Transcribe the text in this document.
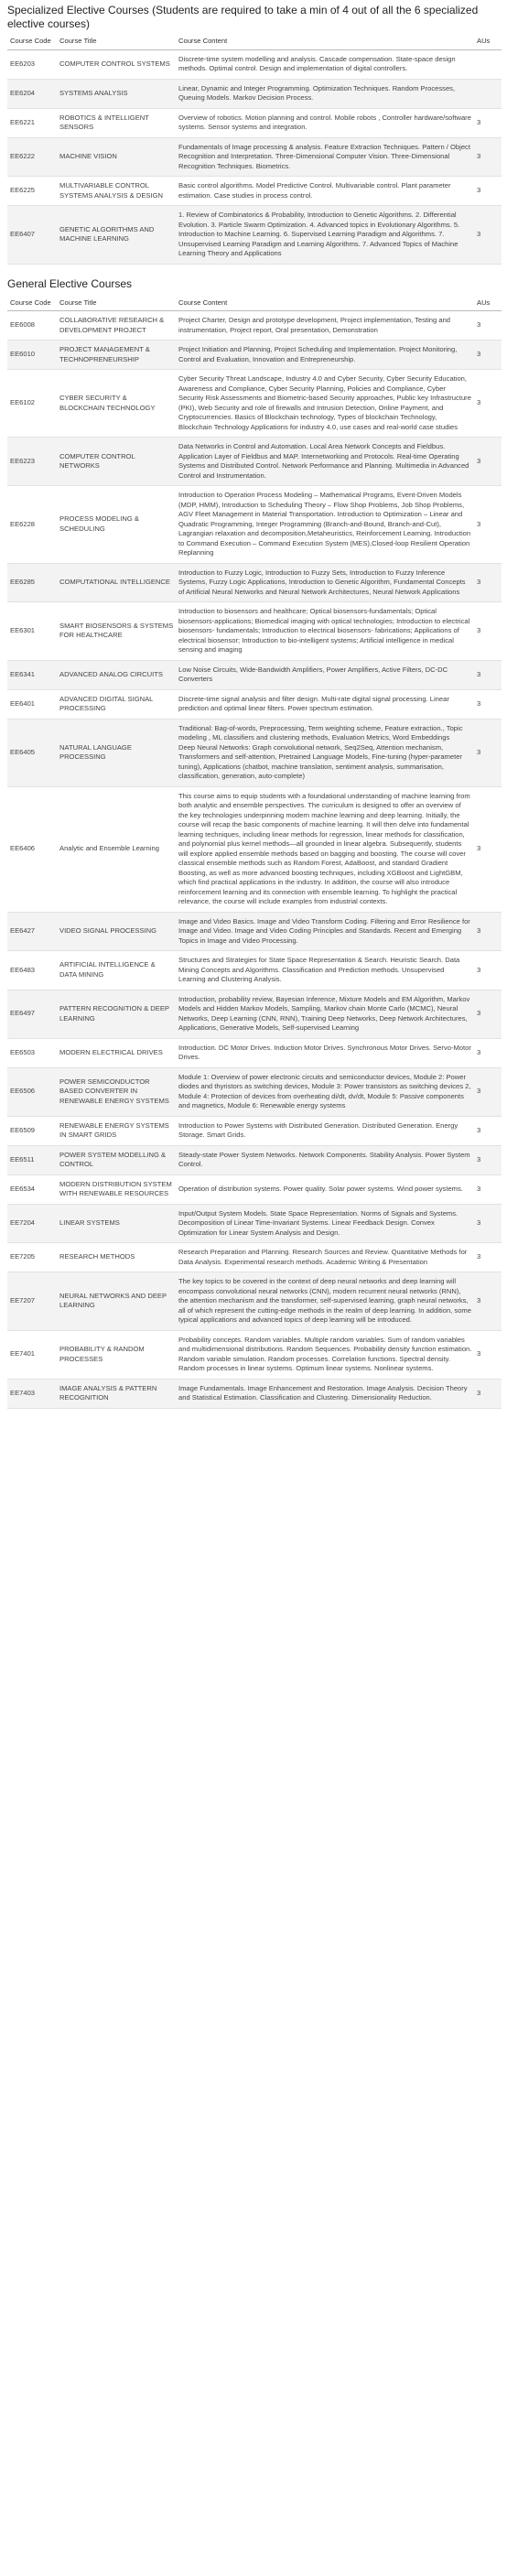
Specialized Elective Courses (Students are required to take a min of 4 out of all the 6 specialized elective courses)
Course Code	Course Title	Course Content	AUs
EE6203	COMPUTER CONTROL SYSTEMS	Discrete-time system modelling and analysis. Cascade compensation. State-space design methods. Optimal control. Design and implementation of digital controllers.	
EE6204	SYSTEMS ANALYSIS	Linear, Dynamic and Integer Programming. Optimization Techniques. Random Processes, Queuing Models. Markov Decision Process.	
EE6221	ROBOTICS & INTELLIGENT SENSORS	Overview of robotics. Motion planning and control. Mobile robots , Controller hardware/software systems. Sensor systems and integration.	3
EE6222	MACHINE VISION	Fundamentals of Image processing & analysis. Feature Extraction Techniques. Pattern / Object Recognition and Interpretation. Three-Dimensional Computer Vision. Three-Dimensional Recognition Techniques. Biometrics.	3
EE6225	MULTIVARIABLE CONTROL SYSTEMS ANALYSIS & DESIGN	Basic control algorithms. Model Predictive Control. Multivariable control. Plant parameter estimation. Case studies in process control.	3
EE6407	GENETIC ALGORITHMS AND MACHINE LEARNING	1. Review of Combinatorics & Probability, Introduction to Genetic Algorithms. 2. Differential Evolution. 3. Particle Swarm Optimization. 4. Advanced topics in Evolutionary Algorithms. 5. Introduction to Machine Learning. 6. Supervised Learning Paradigm and Algorithms. 7. Unsupervised Learning Paradigm and Learning Algorithms. 7. Advanced Topics of Machine Learning Theory and Applications	3
General Elective Courses
Course Code	Course Title	Course Content	AUs
EE6008	COLLABORATIVE RESEARCH & DEVELOPMENT PROJECT	Project Charter, Design and prototype development, Project implementation, Testing and instrumentation, Project report, Oral presentation, Demonstration	3
EE6010	PROJECT MANAGEMENT & TECHNOPRENEURSHIP	Project Initiation and Planning, Project Scheduling and Implementation. Project Monitoring, Control and Evaluation, Innovation and Entrepreneurship.	3
EE6102	CYBER SECURITY & BLOCKCHAIN TECHNOLOGY	Cyber Security Threat Landscape, Industry 4.0 and Cyber Security, Cyber Security Education, Awareness and Compliance, Cyber Security Planning, Policies and Compliance, Cyber Security Risk Assessments and Biometric-based Security approaches, Public key Infrastructure (PKI), Web Security and role of firewalls and Intrusion Detection, Online Payment, and Cryptocurrencies. Basics of Blockchain technology, Types of blockchain Technology, Blockchain Technology Applications for industry 4.0, use cases and real-world case studies	3
EE6223	COMPUTER CONTROL NETWORKS	Data Networks in Control and Automation. Local Area Network Concepts and Fieldbus. Application Layer of Fieldbus and MAP. Internetworking and Protocols. Real-time Operating Systems and Distributed Control. Network Performance and Planning. Multimedia in Advanced Control and Instrumentation.	3
EE6228	PROCESS MODELING & SCHEDULING	Introduction to Operation Process Modeling – Mathematical Programs, Event-Driven Models (MDP, HMM), Introduction to Scheduling Theory – Flow Shop Problems, Job Shop Problems, AGV Fleet Management in Material Transportation. Introduction to Optimization – Linear and Quadratic Programming, Integer Programming (Branch-and-Bound, Branch-and-Cut), Lagrangian relaxation and decomposition,Metaheuristics, Reinforcement Learning. Introduction to Command Execution – Command Execution System (MES),Closed-loop Resilient Operation Replanning	3
EE6285	COMPUTATIONAL INTELLIGENCE	Introduction to Fuzzy Logic, Introduction to Fuzzy Sets, Introduction to Fuzzy Inference Systems, Fuzzy Logic Applications, Introduction to Genetic Algorithm, Fundamental Concepts of Artificial Neural Networks and Neural Network Architectures, Neural Network Applications	3
EE6301	SMART BIOSENSORS & SYSTEMS FOR HEALTHCARE	Introduction to biosensors and healthcare; Optical biosensors-fundamentals; Optical biosensors-applications; Biomedical imaging with optical technologies; Introduction to electrical biosensors- fundamentals; Introduction to electrical biosensors- fabrications; Applications of electrical biosensor; Introduction to bio-intelligent systems; Artificial intelligence in medical sensing and imaging	3
EE6341	ADVANCED ANALOG CIRCUITS	Low Noise Circuits, Wide-Bandwidth Amplifiers, Power Amplifiers, Active Filters, DC-DC Converters	3
EE6401	ADVANCED DIGITAL SIGNAL PROCESSING	Discrete-time signal analysis and filter design. Multi-rate digital signal processing. Linear prediction and optimal linear filters. Power spectrum estimation.	3
EE6405	NATURAL LANGUAGE PROCESSING	Traditional: Bag-of-words, Preprocessing, Term weighting scheme, Feature extraction., Topic modeling , ML classifiers and clustering methods, Evaluation Metrics, Word Embeddings
Deep Neural Networks: Graph convolutional network, Seq2Seq, Attention mechanism, Transformers and self-attention, Pretrained Language Models, Fine-tuning (hyper-parameter tuning), Applications (chatbot, machine translation, sentiment analysis, summarisation, classification, generation, auto-complete)	3
EE6406	Analytic and Ensemble Learning	This course aims to equip students with a foundational understanding of machine learning from both analytic and ensemble perspectives. The curriculum is designed to offer an overview of the key technologies underpinning modern machine learning and deep learning. Initially, the course will recap the basic components of machine learning. It will then delve into fundamental learning techniques, including linear methods for regression, linear methods for classification, and polynomial plus kernel methods—all grounded in linear algebra. Subsequently, students will explore applied ensemble methods based on bagging and boosting. The course will cover classical ensemble methods such as Random Forest, AdaBoost, and standard Gradient Boosting, as well as more advanced boosting techniques, including XGBoost and LightGBM, which find practical applications in the industry. In addition, the course will also introduce reinforcement learning and its connection with ensemble learning. To highlight the practical relevance, the course will include examples from industrial contexts.	3
EE6427	VIDEO SIGNAL PROCESSING	Image and Video Basics. Image and Video Transform Coding. Filtering and Error Resilience for Image and Video. Image and Video Coding Principles and Standards. Recent and Emerging Topics in Image and Video Processing.	3
EE6483	ARTIFICIAL INTELLIGENCE & DATA MINING	Structures and Strategies for State Space Representation & Search. Heuristic Search. Data Mining Concepts and Algorithms. Classification and Prediction methods. Unsupervised Learning and Clustering Analysis.	3
EE6497	PATTERN RECOGNITION & DEEP LEARNING	Introduction, probability review, Bayesian Inference, Mixture Models and EM Algorithm, Markov Models and Hidden Markov Models, Sampling, Markov chain Monte Carlo (MCMC), Neural Networks, Deep Learning (CNN, RNN), Training Deep Networks, Deep Network Architectures, Applications, Generative Models, Self-supervised Learning	3
EE6503	MODERN ELECTRICAL DRIVES	Introduction. DC Motor Drives. Induction Motor Drives. Synchronous Motor Drives. Servo-Motor Drives.	3
EE6506	POWER SEMICONDUCTOR BASED CONVERTER IN RENEWABLE ENERGY SYSTEMS	Module 1: Overview of power electronic circuits and semiconductor devices, Module 2: Power diodes and thyristors as switching devices, Module 3: Power transistors as switching devices 2, Module 4: Protection of devices from overheating di/dt, dv/dt, Module 5: Passive components and magnetics, Module 6: Renewable energy systems	3
EE6509	RENEWABLE ENERGY SYSTEMS IN SMART GRIDS	Introduction to Power Systems with Distributed Generation. Distributed Generation. Energy Storage. Smart Grids.	3
EE6511	POWER SYSTEM MODELLING & CONTROL	Steady-state Power System Networks. Network Components. Stability Analysis. Power System Control.	3
EE6534	MODERN DISTRIBUTION SYSTEM WITH RENEWABLE RESOURCES	Operation of distribution systems. Power quality. Solar power systems. Wind power systems.	3
EE7204	LINEAR SYSTEMS	Input/Output System Models. State Space Representation. Norms of Signals and Systems. Decomposition of Linear Time-Invariant Systems. Linear Feedback Design. Convex Optimization for Linear System Analysis and Design.	3
EE7205	RESEARCH METHODS	Research Preparation and Planning. Research Sources and Review. Quantitative Methods for Data Analysis. Experimental research methods. Academic Writing & Presentation	3
EE7207	NEURAL NETWORKS AND DEEP LEARNING	The key topics to be covered in the context of deep neural networks and deep learning will encompass convolutional neural networks (CNN), modern recurrent neural networks (RNN), the attention mechanism and the transformer, self-supervised learning, graph neural networks, all of which represent the cutting-edge methods in the realm of deep learning. In addition, some typical applications and advanced topics of deep learning will be introduced.	3
EE7401	PROBABILITY & RANDOM PROCESSES	Probability concepts. Random variables. Multiple random variables. Sum of random variables and multidimensional distributions. Random Sequences. Probability density function estimation. Random variable simulation. Random processes. Correlation functions. Spectral density. Random processes in linear systems. Optimum linear systems. Nonlinear systems.	3
EE7403	IMAGE ANALYSIS & PATTERN RECOGNITION	Image Fundamentals. Image Enhancement and Restoration. Image Analysis. Decision Theory and Statistical Estimation. Classification and Clustering. Dimensionality Reduction.	3
